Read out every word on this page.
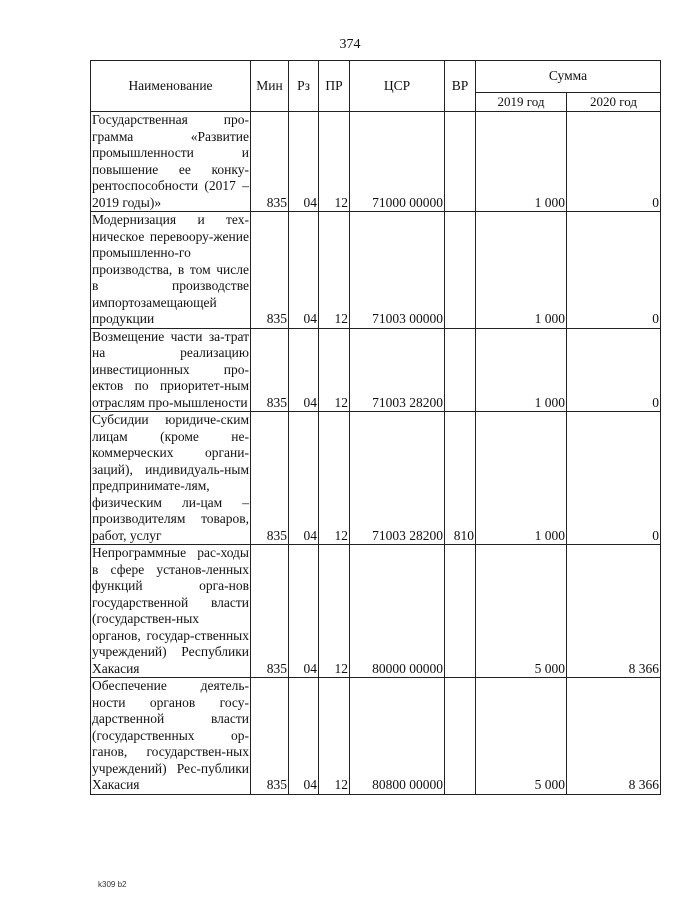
374
Наименование	Мин	Рз	ПР	ЦСР	ВР	Сумма	
						2019 год	2020 год
Государственная про-грамма «Развитие промышленности и повышение ее конку-рентоспособности (2017 – 2019 годы)»	835	04	12	71000 00000		1 000	0
Модернизация и тех-ническое перевоору-жение промышленно-го производства, в том числе в производстве импортозамещающей продукции	835	04	12	71003 00000		1 000	0
Возмещение части за-трат на реализацию инвестиционных про-ектов по приоритет-ным отраслям про-мышлености	835	04	12	71003 28200		1 000	0
Субсидии юридиче-ским лицам (кроме не-коммерческих органи-заций), индивидуаль-ным предпринимате-лям, физическим ли-цам – производителям товаров, работ, услуг	835	04	12	71003 28200	810	1 000	0
Непрограммные рас-ходы в сфере установ-ленных функций орга-нов государственной власти (государствен-ных органов, государ-ственных учреждений) Республики Хакасия	835	04	12	80000 00000		5 000	8 366
Обеспечение деятель-ности органов госу-дарственной власти (государственных ор-ганов, государствен-ных учреждений) Рес-публики Хакасия	835	04	12	80800 00000		5 000	8 366
k309 b2
